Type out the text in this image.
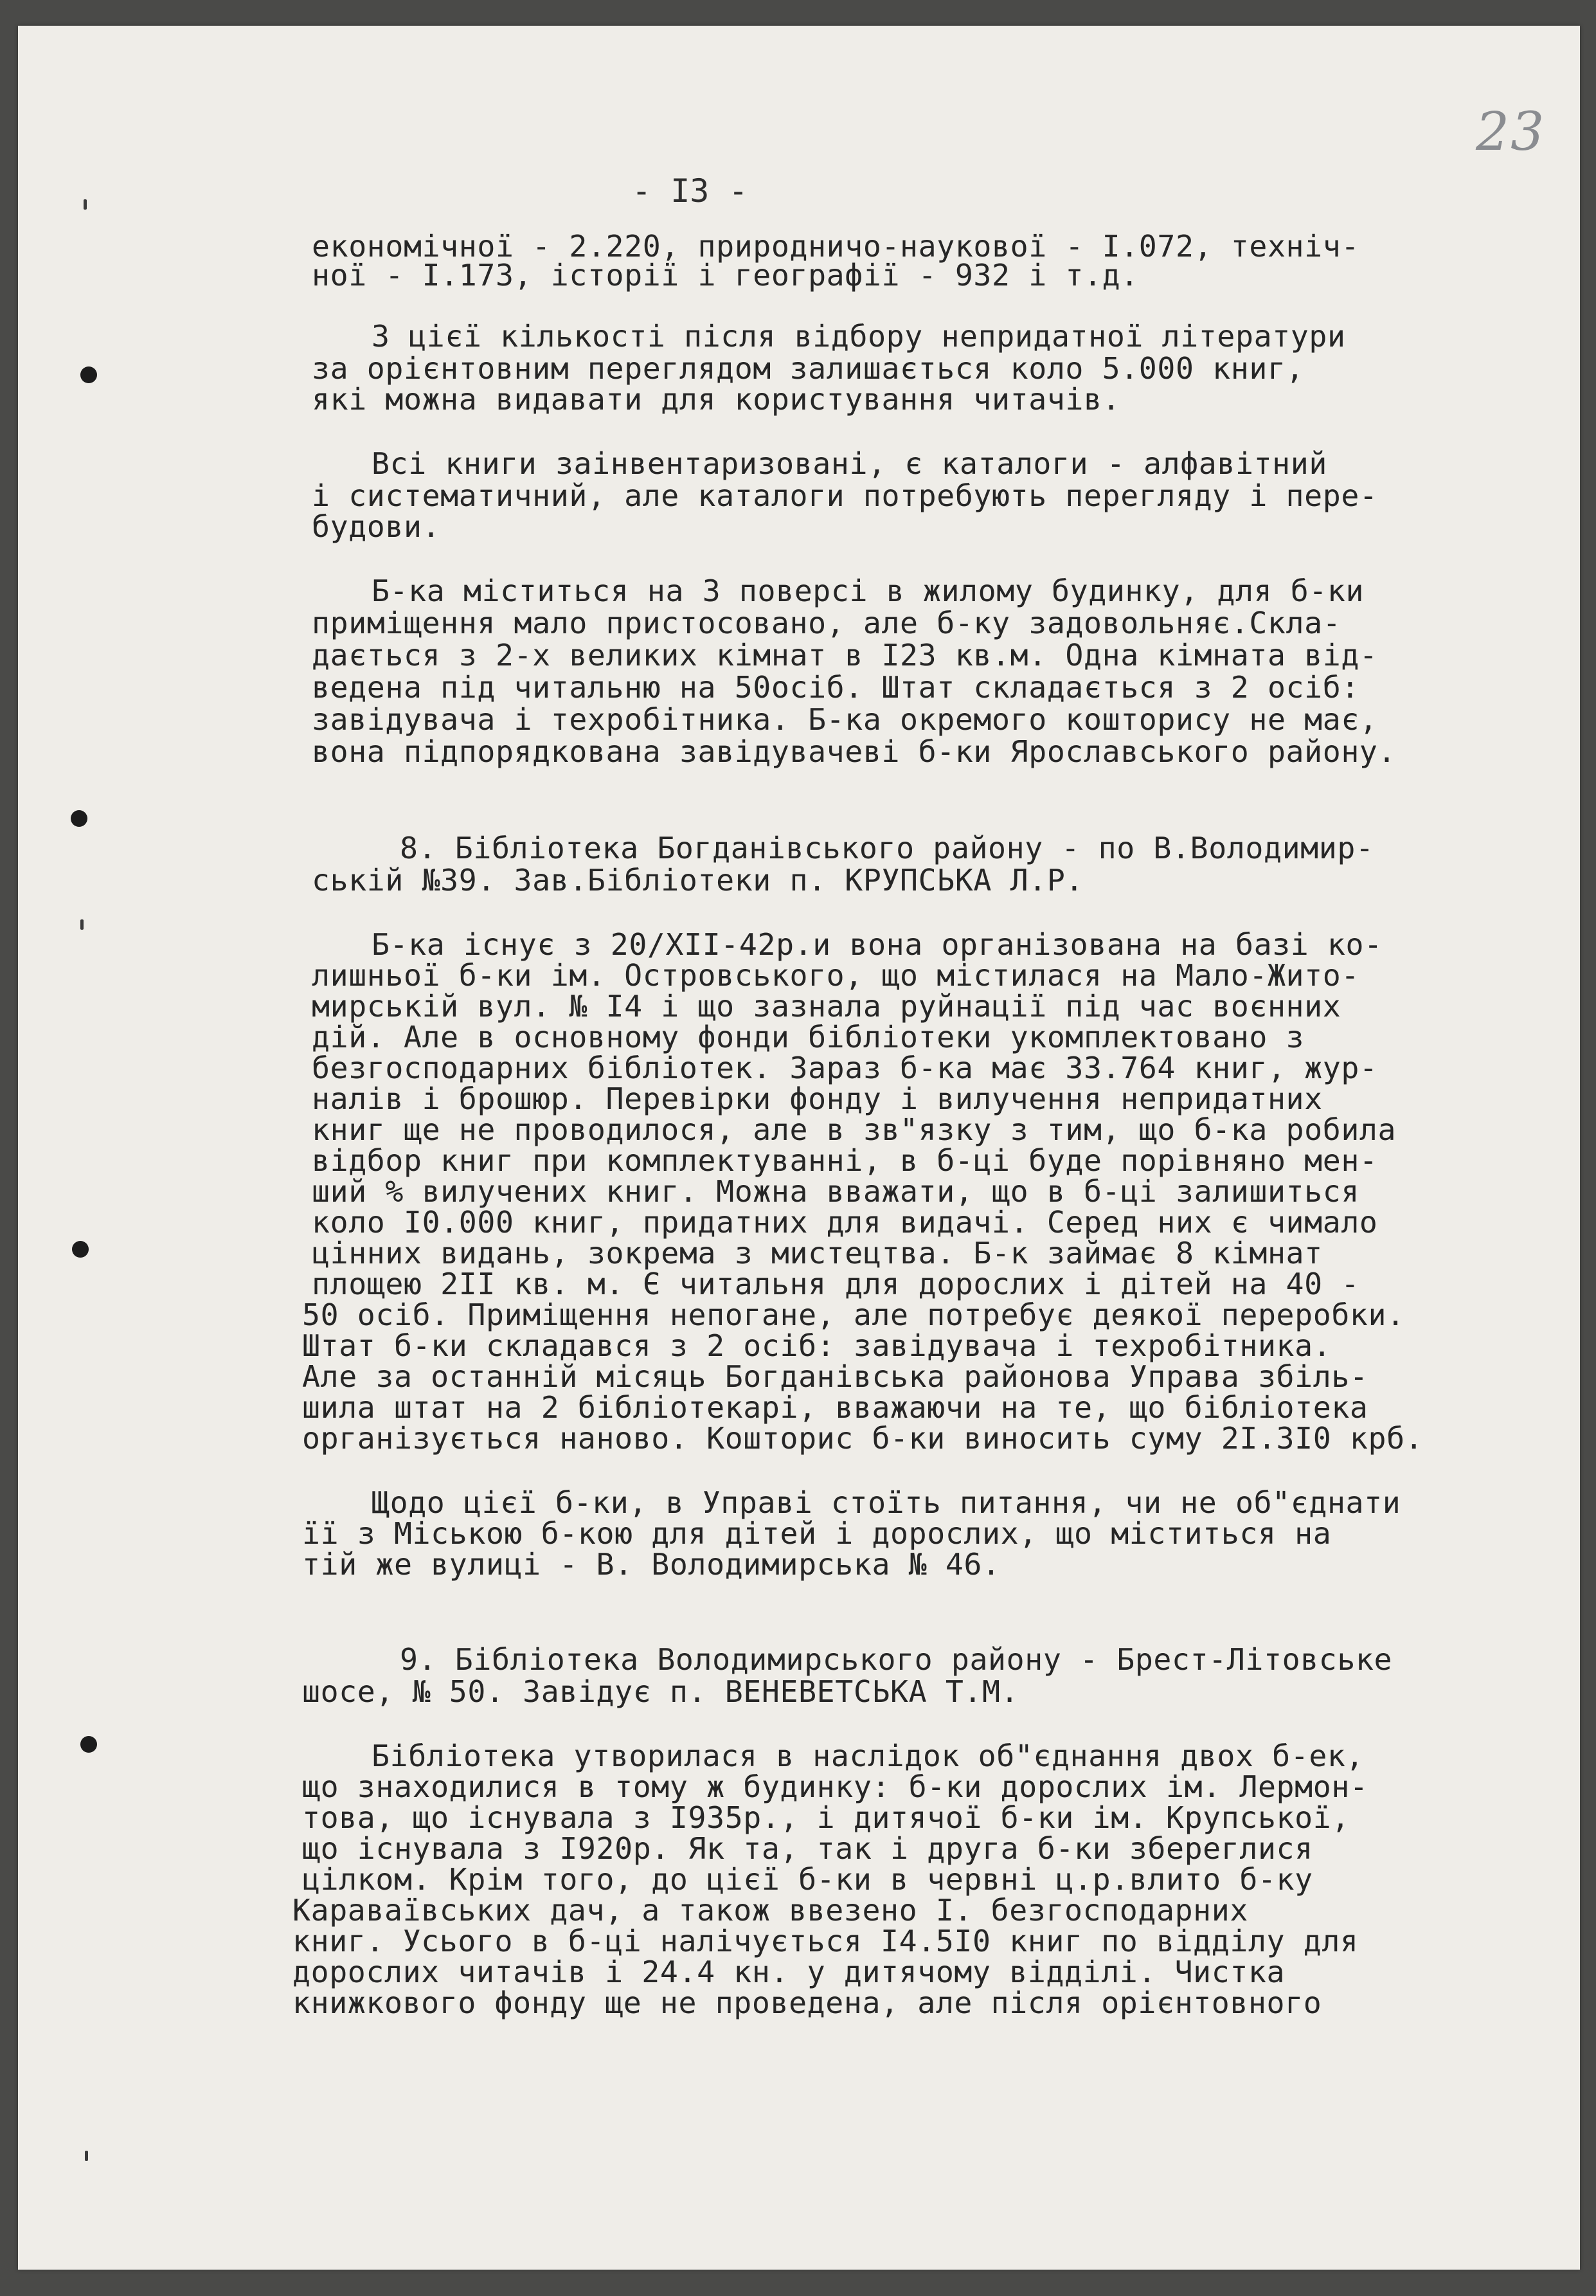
23
- I3 -
економічної - 2.220, природничо-наукової - I.072, техніч-
ної - I.173, історії і географії - 932 і т.д.
З цієї кількості після відбору непридатної літератури
за орієнтовним переглядом залишається коло 5.000 книг,
які можна видавати для користування читачів.
Всі книги заінвентаризовані, є каталоги - алфавітний
і систематичний, але каталоги потребують перегляду і пере-
будови.
Б-ка міститься на 3 поверсі в жилому будинку, для б-ки
приміщення мало пристосовано, але б-ку задовольняє.Скла-
дається з 2-х великих кімнат в I23 кв.м. Одна кімната від-
ведена під читальню на 50осіб. Штат складається з 2 осіб:
завідувача і техробітника. Б-ка окремого кошторису не має,
вона підпорядкована завідувачеві б-ки Ярославського району.
8. Бібліотека Богданівського району - по В.Володимир-
ській №39. Зав.Бібліотеки п. КРУПСЬКА Л.Р.
Б-ка існує з 20/XII-42р.и вона організована на базі ко-
лишньої б-ки ім. Островського, що містилася на Мало-Жито-
мирській вул. № I4 і що зазнала руйнації під час воєнних
дій. Але в основному фонди бібліотеки укомплектовано з
безгосподарних бібліотек. Зараз б-ка має 33.764 книг, жур-
налів і брошюр. Перевірки фонду і вилучення непридатних
книг ще не проводилося, але в зв"язку з тим, що б-ка робила
відбор книг при комплектуванні, в б-ці буде порівняно мен-
ший % вилучених книг. Можна вважати, що в б-ці залишиться
коло I0.000 книг, придатних для видачі. Серед них є чимало
цінних видань, зокрема з мистецтва. Б-к займає 8 кімнат
площею 2II кв. м. Є читальня для дорослих і дітей на 40 -
50 осіб. Приміщення непогане, але потребує деякої переробки.
Штат б-ки складався з 2 осіб: завідувача і техробітника.
Але за останній місяць Богданівська районова Управа збіль-
шила штат на 2 бібліотекарі, вважаючи на те, що бібліотека
організується наново. Кошторис б-ки виносить суму 2I.3I0 крб.
Щодо цієї б-ки, в Управі стоїть питання, чи не об"єднати
її з Міською б-кою для дітей і дорослих, що міститься на
тій же вулиці - В. Володимирська № 46.
9. Бібліотека Володимирського району - Брест-Літовське
шосе, № 50. Завідує п. ВЕНЕВЕТСЬКА Т.М.
Бібліотека утворилася в наслідок об"єднання двох б-ек,
що знаходилися в тому ж будинку: б-ки дорослих ім. Лермон-
това, що існувала з I935р., і дитячої б-ки ім. Крупської,
що існувала з I920р. Як та, так і друга б-ки збереглися
цілком. Крім того, до цієї б-ки в червні ц.р.влито б-ку
Караваївських дач, а також ввезено I. безгосподарних
книг. Усього в б-ці налічується I4.5I0 книг по відділу для
дорослих читачів і 24.4 кн. у дитячому відділі. Чистка
книжкового фонду ще не проведена, але після орієнтовного
